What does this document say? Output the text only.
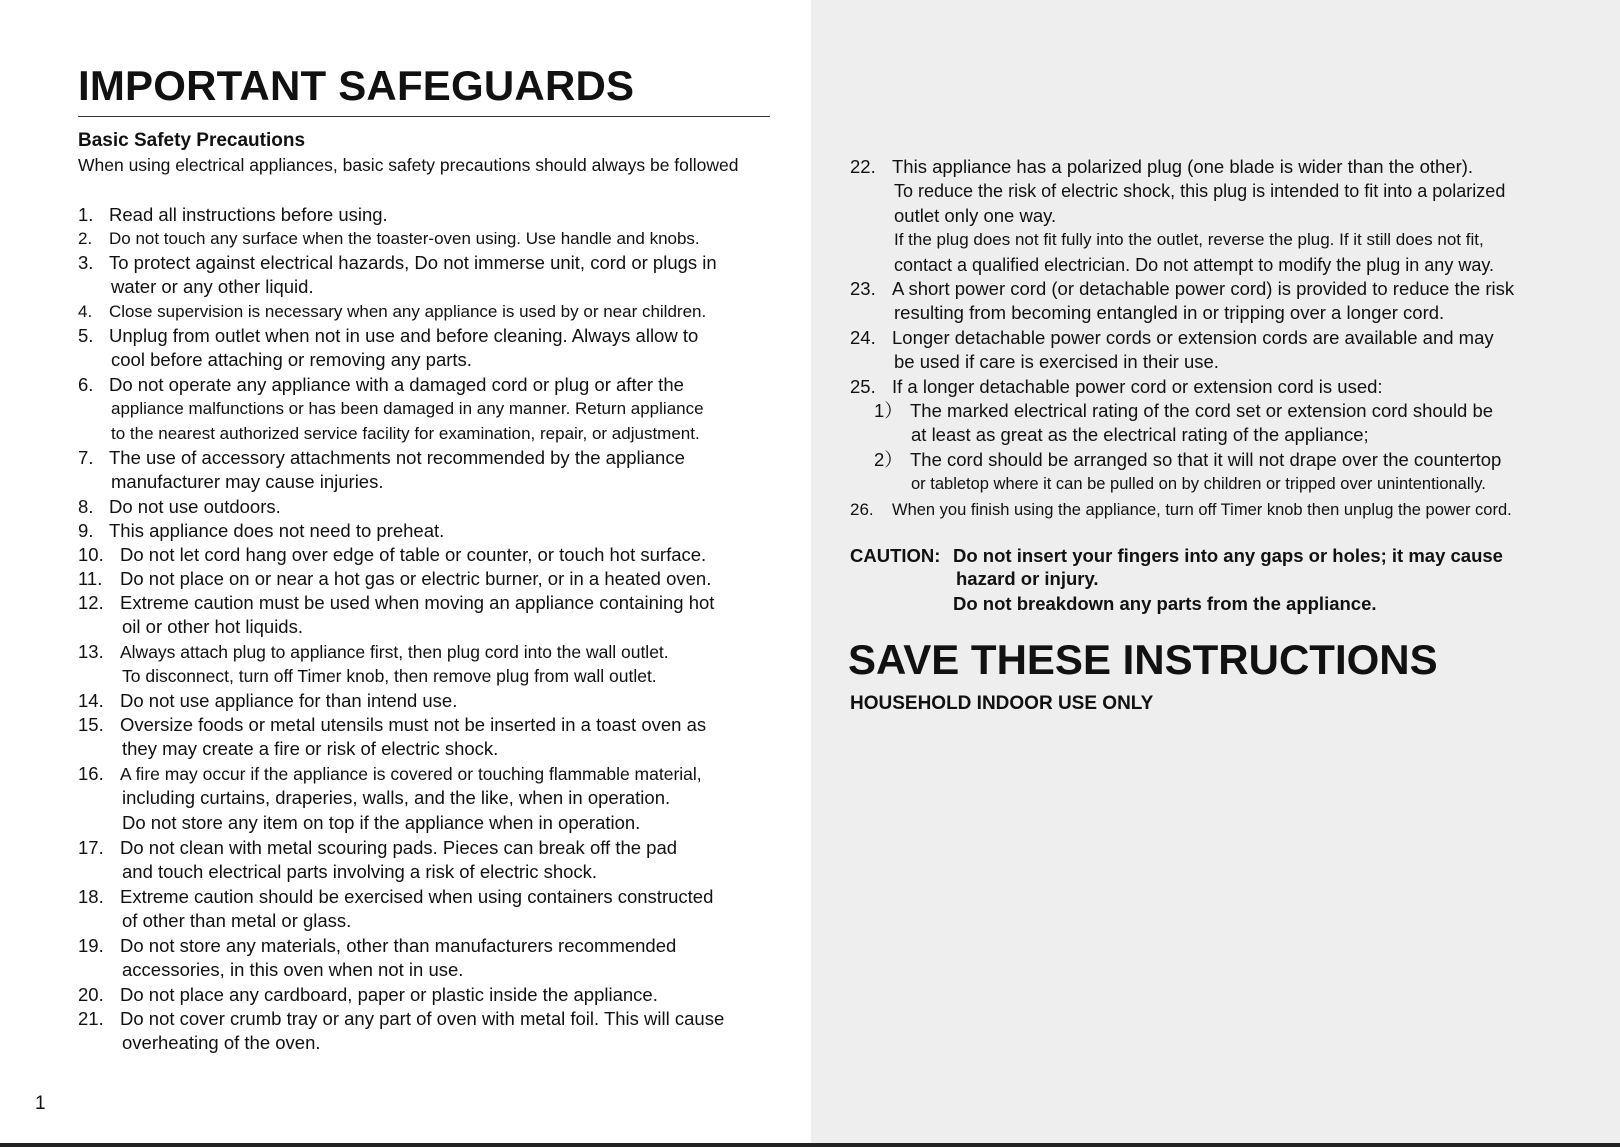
IMPORTANT SAFEGUARDS
Basic Safety Precautions

When using electrical appliances, basic safety precautions should always be followed

1. Read all instructions before using.
2. Do not touch any surface when the toaster-oven using. Use handle and knobs.
3. To protect against electrical hazards, Do not immerse unit, cord or plugs in
water or any other liquid.
4. Close supervision is necessary when any appliance is used by or near children.
5. Unplug from outlet when not in use and before cleaning. Always allow to
cool before attaching or removing any parts.
6. Do not operate any appliance with a damaged cord or plug or after the
appliance malfunctions or has been damaged in any manner. Return appliance
to the nearest authorized service facility for examination, repair, or adjustment.
7. The use of accessory attachments not recommended by the appliance
manufacturer may cause injuries.
8. Do not use outdoors.
9. This appliance does not need to preheat.
10. Do not let cord hang over edge of table or counter, or touch hot surface.
11. Do not place on or near a hot gas or electric burner, or in a heated oven.
12. Extreme caution must be used when moving an appliance containing hot
oil or other hot liquids.
13. Always attach plug to appliance first, then plug cord into the wall outlet.
To disconnect, turn off Timer knob, then remove plug from wall outlet.
14. Do not use appliance for than intend use.
15. Oversize foods or metal utensils must not be inserted in a toast oven as
they may create a fire or risk of electric shock.
16. A fire may occur if the appliance is covered or touching flammable material,
including curtains, draperies, walls, and the like, when in operation.
Do not store any item on top if the appliance when in operation.
17. Do not clean with metal scouring pads. Pieces can break off the pad
and touch electrical parts involving a risk of electric shock.
18. Extreme caution should be exercised when using containers constructed
of other than metal or glass.
19. Do not store any materials, other than manufacturers recommended
accessories, in this oven when not in use.
20. Do not place any cardboard, paper or plastic inside the appliance.
21. Do not cover crumb tray or any part of oven with metal foil. This will cause
overheating of the oven.
1
22. This appliance has a polarized plug (one blade is wider than the other).
To reduce the risk of electric shock, this plug is intended to fit into a polarized
outlet only one way.
If the plug does not fit fully into the outlet, reverse the plug. If it still does not fit,
contact a qualified electrician. Do not attempt to modify the plug in any way.
23. A short power cord (or detachable power cord) is provided to reduce the risk
resulting from becoming entangled in or tripping over a longer cord.
24. Longer detachable power cords or extension cords are available and may
be used if care is exercised in their use.
25. If a longer detachable power cord or extension cord is used:
1） The marked electrical rating of the cord set or extension cord should be
at least as great as the electrical rating of the appliance;
2） The cord should be arranged so that it will not drape over the countertop
or tabletop where it can be pulled on by children or tripped over unintentionally.
26. When you finish using the appliance, turn off Timer knob then unplug the power cord.
CAUTION: Do not insert your fingers into any gaps or holes; it may cause
hazard or injury.
Do not breakdown any parts from the appliance.
SAVE THESE INSTRUCTIONS
HOUSEHOLD INDOOR USE ONLY
